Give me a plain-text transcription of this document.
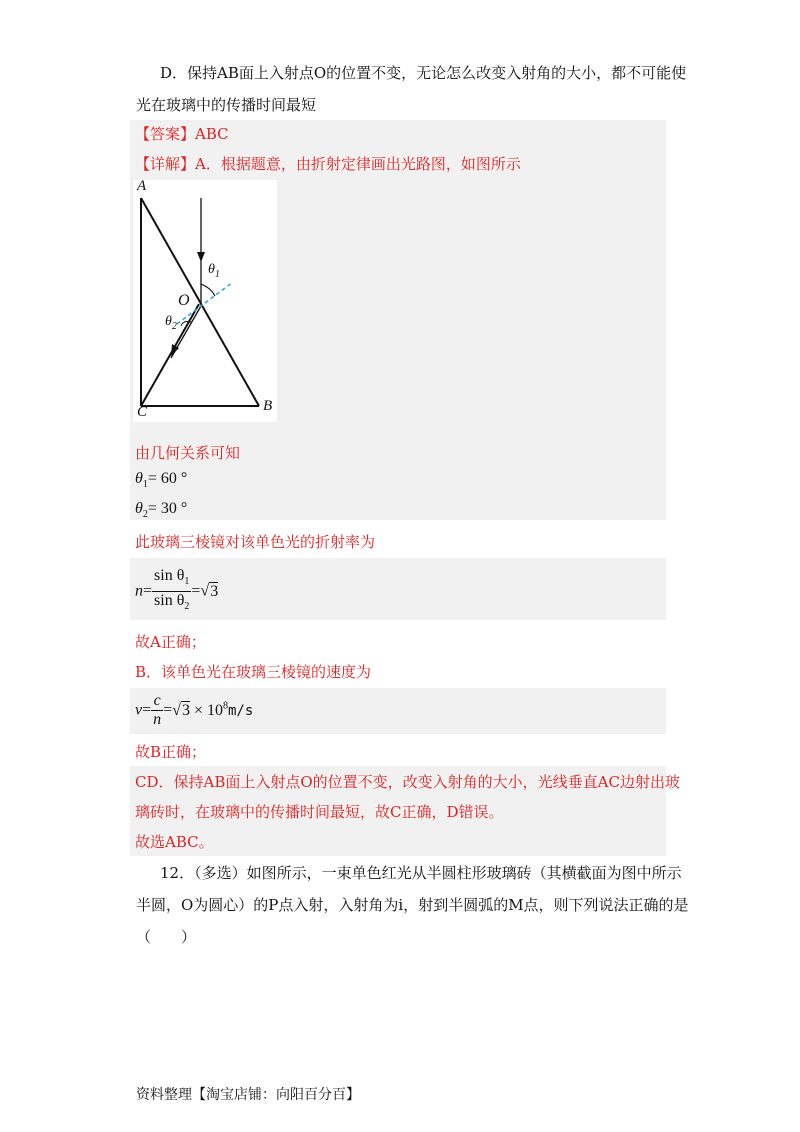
D．保持AB面上入射点O的位置不变，无论怎么改变入射角的大小，都不可能使
光在玻璃中的传播时间最短
【答案】ABC
【详解】A．根据题意，由折射定律画出光路图，如图所示
A
C	B
O
$\theta_1$
$\theta_2$
由几何关系可知
$\theta_1= 60$ °
$\theta_2= 30$ °
此玻璃三棱镜对该单色光的折射率为
$n= \frac{\sin \theta_1}{\sin \theta_2} =√3$
故A正确；
B．该单色光在玻璃三棱镜的速度为
$v= \frac{c}{n} =√3 \times 10^8m/s$
故B正确；
CD．保持AB面上入射点O的位置不变，改变入射角的大小，光线垂直AC边射出玻
璃砖时，在玻璃中的传播时间最短，故C正确，D错误。
故选ABC。
12．（多选）如图所示，一束单色红光从半圆柱形玻璃砖（其横截面为图中所示
半圆，O为圆心）的P点入射，入射角为i，射到半圆弧的M点，则下列说法正确的是
（　　）
资料整理【淘宝店铺：向阳百分百】
